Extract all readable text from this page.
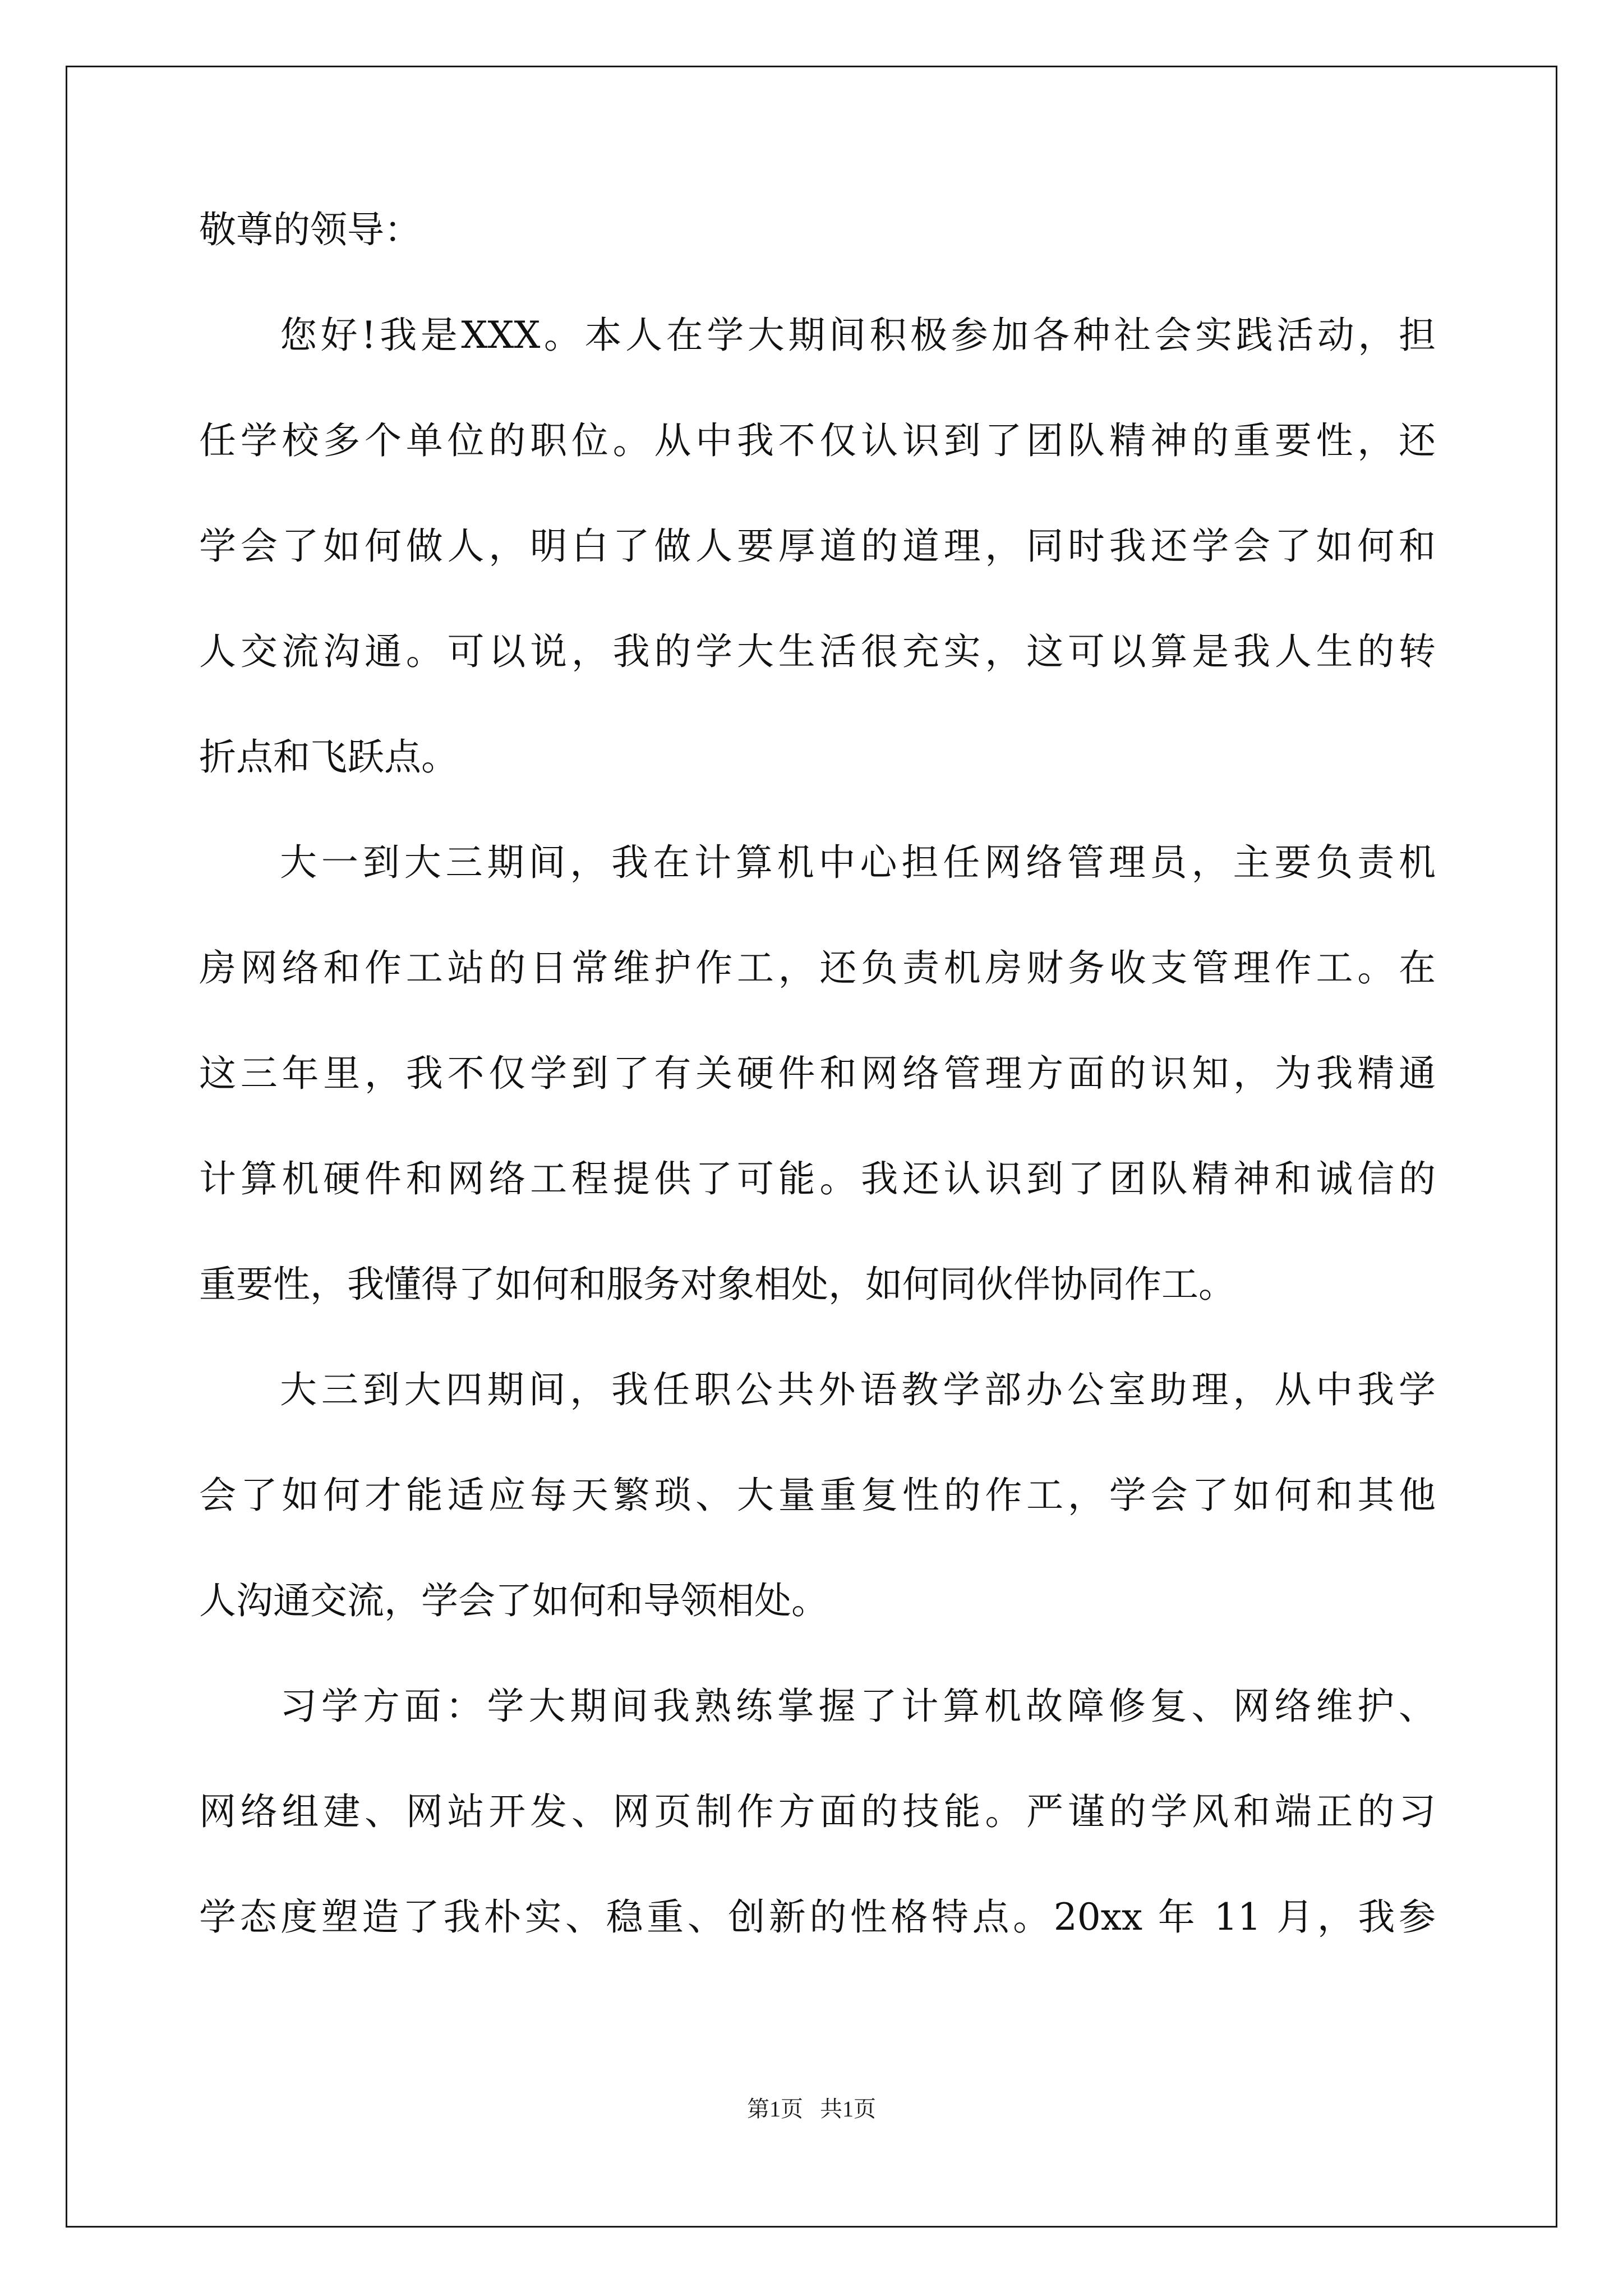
敬尊的领导：
您好!我是XXX。本人在学大期间积极参加各种社会实践活动，担
任学校多个单位的职位。从中我不仅认识到了团队精神的重要性，还
学会了如何做人，明白了做人要厚道的道理，同时我还学会了如何和
人交流沟通。可以说，我的学大生活很充实，这可以算是我人生的转
折点和飞跃点。
大一到大三期间，我在计算机中心担任网络管理员，主要负责机
房网络和作工站的日常维护作工，还负责机房财务收支管理作工。在
这三年里，我不仅学到了有关硬件和网络管理方面的识知，为我精通
计算机硬件和网络工程提供了可能。我还认识到了团队精神和诚信的
重要性，我懂得了如何和服务对象相处，如何同伙伴协同作工。
大三到大四期间，我任职公共外语教学部办公室助理，从中我学
会了如何才能适应每天繁琐、大量重复性的作工，学会了如何和其他
人沟通交流，学会了如何和导领相处。
习学方面：学大期间我熟练掌握了计算机故障修复、网络维护、
网络组建、网站开发、网页制作方面的技能。严谨的学风和端正的习
学态度塑造了我朴实、稳重、创新的性格特点。20xx 年 11 月，我参
第1页 共1页
